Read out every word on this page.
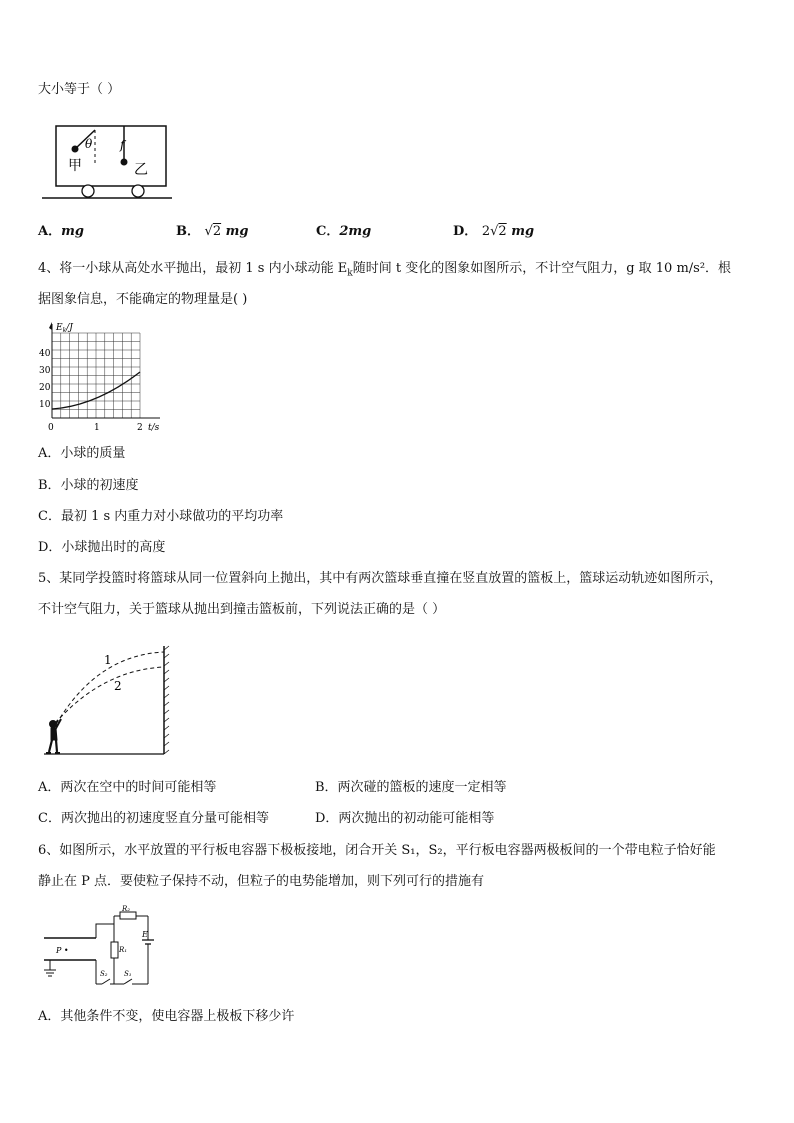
大小等于（ ）
θ f
甲	乙
A．mg	B． √2 mg	C．2mg	D． 2√2 mg
4、将一小球从高处水平抛出，最初 1 s 内小球动能 $E_k$随时间 t 变化的图象如图所示，不计空气阻力，g 取 10 m/s²．根
据图象信息，不能确定的物理量是( )
$E_k/J$
40
30
20
10
0	1	2 t/s
A．小球的质量
B．小球的初速度
C．最初 1 s 内重力对小球做功的平均功率
D．小球抛出时的高度
5、某同学投篮时将篮球从同一位置斜向上抛出，其中有两次篮球垂直撞在竖直放置的篮板上，篮球运动轨迹如图所示，
不计空气阻力，关于篮球从抛出到撞击篮板前，下列说法正确的是（ ）
1
2
A．两次在空中的时间可能相等	B．两次碰的篮板的速度一定相等
C．两次抛出的初速度竖直分量可能相等	D．两次抛出的初动能可能相等
6、如图所示，水平放置的平行板电容器下极板接地，闭合开关 S₁，S₂，平行板电容器两极板间的一个带电粒子恰好能
静止在 P 点．要使粒子保持不动，但粒子的电势能增加，则下列可行的措施有
P •
R₂
E
R₁
S₂ S₁
A．其他条件不变，使电容器上极板下移少许
